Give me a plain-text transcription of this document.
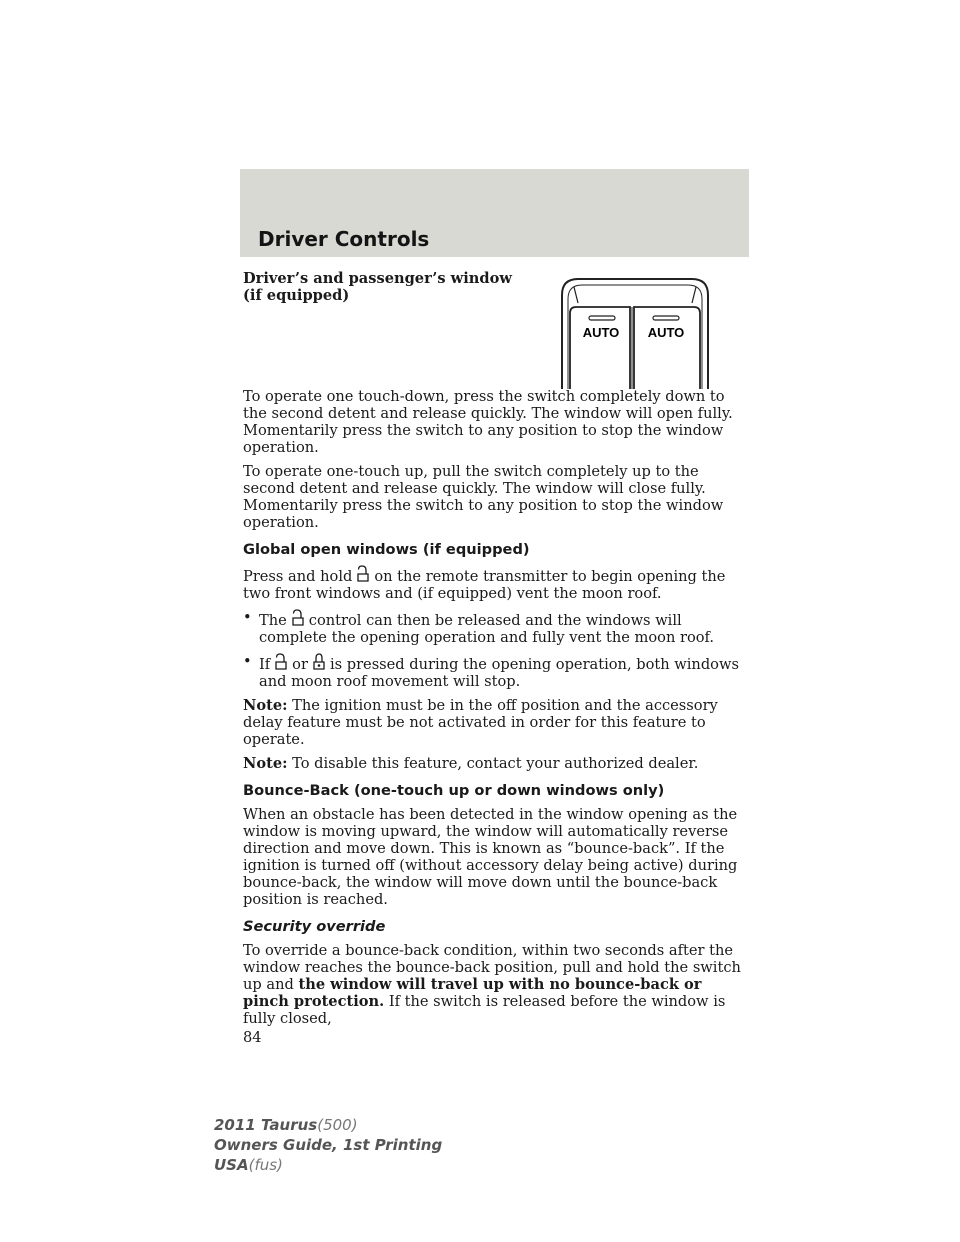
Driver Controls
AUTO AUTO
Driver’s and passenger’s window (if equipped)

To operate one touch-down, press the switch completely down to the second detent and release quickly. The window will open fully. Momentarily press the switch to any position to stop the window operation.

To operate one-touch up, pull the switch completely up to the second detent and release quickly. The window will close fully. Momentarily press the switch to any position to stop the window operation.

Global open windows (if equipped)

Press and hold on the remote transmitter to begin opening the two front windows and (if equipped) vent the moon roof.

• The control can then be released and the windows will complete the opening operation and fully vent the moon roof.
• If or is pressed during the opening operation, both windows and moon roof movement will stop.

Note: The ignition must be in the off position and the accessory delay feature must be not activated in order for this feature to operate.

Note: To disable this feature, contact your authorized dealer.

Bounce-Back (one-touch up or down windows only)

When an obstacle has been detected in the window opening as the window is moving upward, the window will automatically reverse direction and move down. This is known as “bounce-back”. If the ignition is turned off (without accessory delay being active) during bounce-back, the window will move down until the bounce-back position is reached.

Security override

To override a bounce-back condition, within two seconds after the window reaches the bounce-back position, pull and hold the switch up and the window will travel up with no bounce-back or pinch protection. If the switch is released before the window is fully closed,

84
2011 Taurus(500)
Owners Guide, 1st Printing
USA(fus)
